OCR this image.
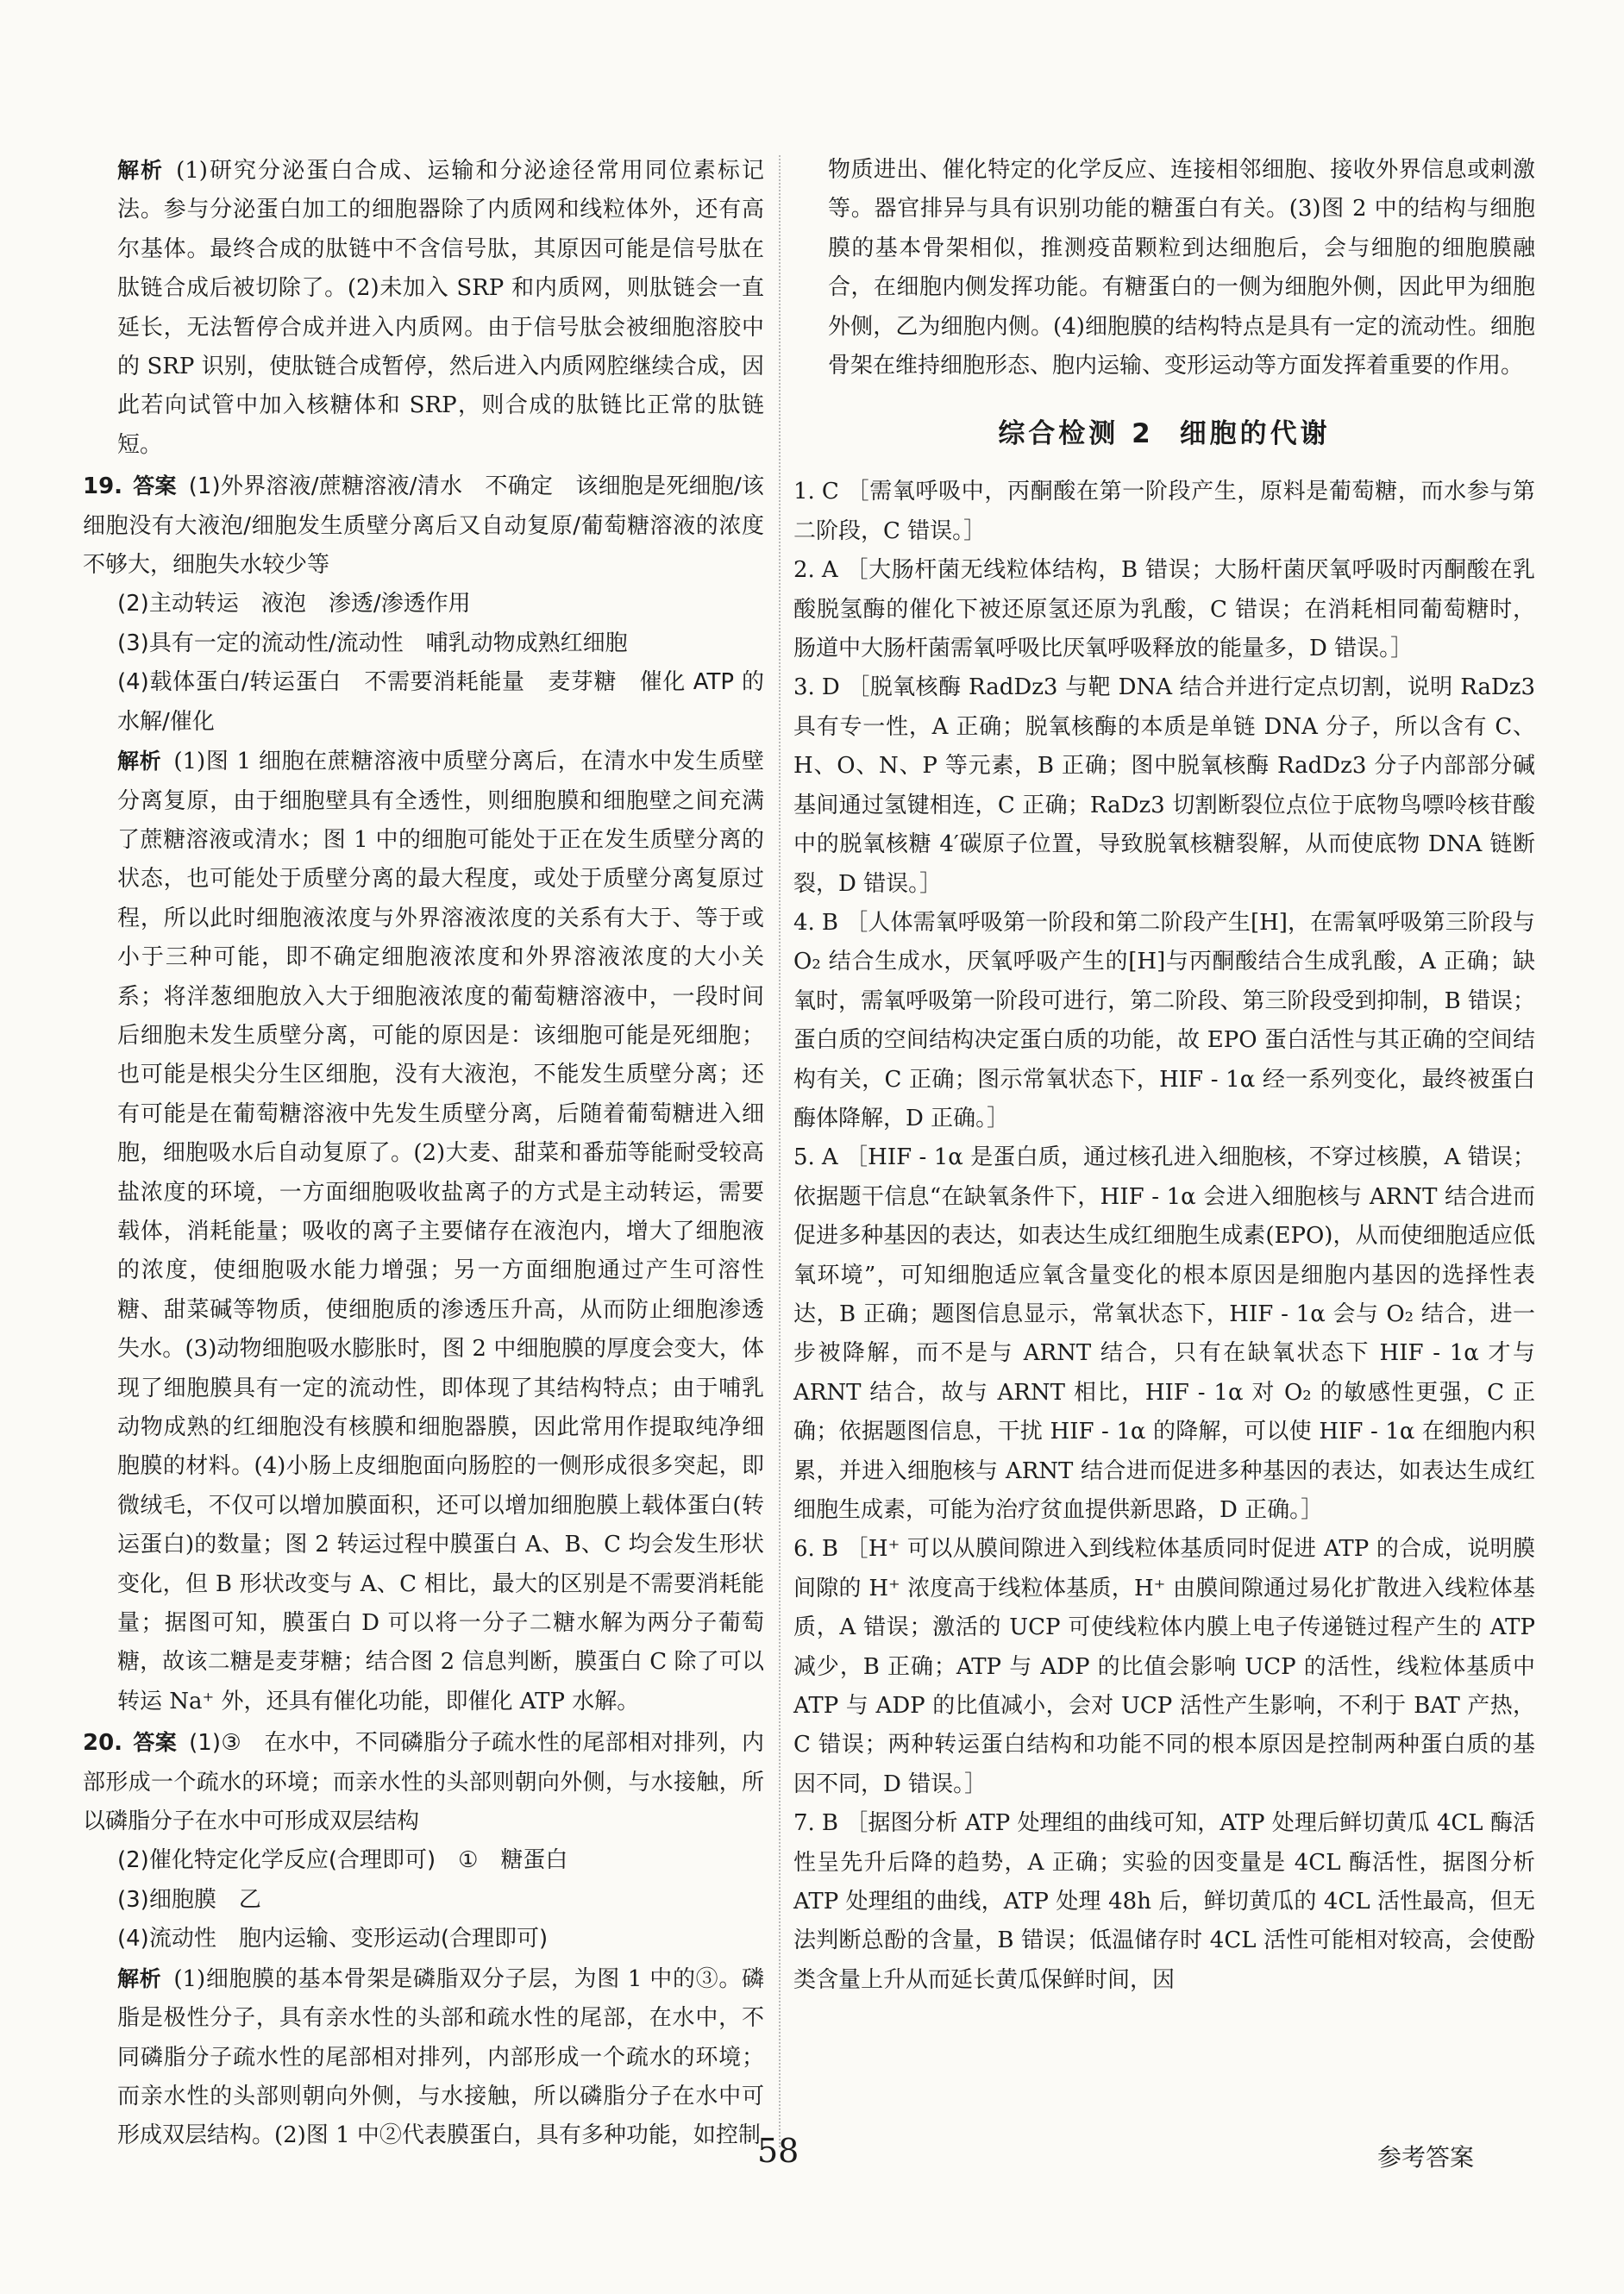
解析 (1)研究分泌蛋白合成、运输和分泌途径常用同位素标记法。参与分泌蛋白加工的细胞器除了内质网和线粒体外，还有高尔基体。最终合成的肽链中不含信号肽，其原因可能是信号肽在肽链合成后被切除了。(2)未加入 SRP 和内质网，则肽链会一直延长，无法暂停合成并进入内质网。由于信号肽会被细胞溶胶中的 SRP 识别，使肽链合成暂停，然后进入内质网腔继续合成，因此若向试管中加入核糖体和 SRP，则合成的肽链比正常的肽链短。

19. 答案 (1)外界溶液/蔗糖溶液/清水　不确定　该细胞是死细胞/该细胞没有大液泡/细胞发生质壁分离后又自动复原/葡萄糖溶液的浓度不够大，细胞失水较少等

(2)主动转运　液泡　渗透/渗透作用

(3)具有一定的流动性/流动性　哺乳动物成熟红细胞

(4)载体蛋白/转运蛋白　不需要消耗能量　麦芽糖　催化 ATP 的水解/催化

解析 (1)图 1 细胞在蔗糖溶液中质壁分离后，在清水中发生质壁分离复原，由于细胞壁具有全透性，则细胞膜和细胞壁之间充满了蔗糖溶液或清水；图 1 中的细胞可能处于正在发生质壁分离的状态，也可能处于质壁分离的最大程度，或处于质壁分离复原过程，所以此时细胞液浓度与外界溶液浓度的关系有大于、等于或小于三种可能，即不确定细胞液浓度和外界溶液浓度的大小关系；将洋葱细胞放入大于细胞液浓度的葡萄糖溶液中，一段时间后细胞未发生质壁分离，可能的原因是：该细胞可能是死细胞；也可能是根尖分生区细胞，没有大液泡，不能发生质壁分离；还有可能是在葡萄糖溶液中先发生质壁分离，后随着葡萄糖进入细胞，细胞吸水后自动复原了。(2)大麦、甜菜和番茄等能耐受较高盐浓度的环境，一方面细胞吸收盐离子的方式是主动转运，需要载体，消耗能量；吸收的离子主要储存在液泡内，增大了细胞液的浓度，使细胞吸水能力增强；另一方面细胞通过产生可溶性糖、甜菜碱等物质，使细胞质的渗透压升高，从而防止细胞渗透失水。(3)动物细胞吸水膨胀时，图 2 中细胞膜的厚度会变大，体现了细胞膜具有一定的流动性，即体现了其结构特点；由于哺乳动物成熟的红细胞没有核膜和细胞器膜，因此常用作提取纯净细胞膜的材料。(4)小肠上皮细胞面向肠腔的一侧形成很多突起，即微绒毛，不仅可以增加膜面积，还可以增加细胞膜上载体蛋白(转运蛋白)的数量；图 2 转运过程中膜蛋白 A、B、C 均会发生形状变化，但 B 形状改变与 A、C 相比，最大的区别是不需要消耗能量；据图可知，膜蛋白 D 可以将一分子二糖水解为两分子葡萄糖，故该二糖是麦芽糖；结合图 2 信息判断，膜蛋白 C 除了可以转运 Na⁺ 外，还具有催化功能，即催化 ATP 水解。

20. 答案 (1)③　在水中，不同磷脂分子疏水性的尾部相对排列，内部形成一个疏水的环境；而亲水性的头部则朝向外侧，与水接触，所以磷脂分子在水中可形成双层结构

(2)催化特定化学反应(合理即可)　①　糖蛋白

(3)细胞膜　乙

(4)流动性　胞内运输、变形运动(合理即可)

解析 (1)细胞膜的基本骨架是磷脂双分子层，为图 1 中的③。磷脂是极性分子，具有亲水性的头部和疏水性的尾部，在水中，不同磷脂分子疏水性的尾部相对排列，内部形成一个疏水的环境；而亲水性的头部则朝向外侧，与水接触，所以磷脂分子在水中可形成双层结构。(2)图 1 中②代表膜蛋白，具有多种功能，如控制

物质进出、催化特定的化学反应、连接相邻细胞、接收外界信息或刺激等。器官排异与具有识别功能的糖蛋白有关。(3)图 2 中的结构与细胞膜的基本骨架相似，推测疫苗颗粒到达细胞后，会与细胞的细胞膜融合，在细胞内侧发挥功能。有糖蛋白的一侧为细胞外侧，因此甲为细胞外侧，乙为细胞内侧。(4)细胞膜的结构特点是具有一定的流动性。细胞骨架在维持细胞形态、胞内运输、变形运动等方面发挥着重要的作用。

综合检测 2 细胞的代谢

1. C ［需氧呼吸中，丙酮酸在第一阶段产生，原料是葡萄糖，而水参与第二阶段，C 错误。］

2. A ［大肠杆菌无线粒体结构，B 错误；大肠杆菌厌氧呼吸时丙酮酸在乳酸脱氢酶的催化下被还原氢还原为乳酸，C 错误；在消耗相同葡萄糖时，肠道中大肠杆菌需氧呼吸比厌氧呼吸释放的能量多，D 错误。］

3. D ［脱氧核酶 RadDz3 与靶 DNA 结合并进行定点切割，说明 RaDz3 具有专一性，A 正确；脱氧核酶的本质是单链 DNA 分子，所以含有 C、H、O、N、P 等元素，B 正确；图中脱氧核酶 RadDz3 分子内部部分碱基间通过氢键相连，C 正确；RaDz3 切割断裂位点位于底物鸟嘌呤核苷酸中的脱氧核糖 4′碳原子位置，导致脱氧核糖裂解，从而使底物 DNA 链断裂，D 错误。］

4. B ［人体需氧呼吸第一阶段和第二阶段产生[H]，在需氧呼吸第三阶段与 O₂ 结合生成水，厌氧呼吸产生的[H]与丙酮酸结合生成乳酸，A 正确；缺氧时，需氧呼吸第一阶段可进行，第二阶段、第三阶段受到抑制，B 错误；蛋白质的空间结构决定蛋白质的功能，故 EPO 蛋白活性与其正确的空间结构有关，C 正确；图示常氧状态下，HIF - 1α 经一系列变化，最终被蛋白酶体降解，D 正确。］

5. A ［HIF - 1α 是蛋白质，通过核孔进入细胞核，不穿过核膜，A 错误；依据题干信息“在缺氧条件下，HIF - 1α 会进入细胞核与 ARNT 结合进而促进多种基因的表达，如表达生成红细胞生成素(EPO)，从而使细胞适应低氧环境”，可知细胞适应氧含量变化的根本原因是细胞内基因的选择性表达，B 正确；题图信息显示，常氧状态下，HIF - 1α 会与 O₂ 结合，进一步被降解，而不是与 ARNT 结合，只有在缺氧状态下 HIF - 1α 才与 ARNT 结合，故与 ARNT 相比，HIF - 1α 对 O₂ 的敏感性更强，C 正确；依据题图信息，干扰 HIF - 1α 的降解，可以使 HIF - 1α 在细胞内积累，并进入细胞核与 ARNT 结合进而促进多种基因的表达，如表达生成红细胞生成素，可能为治疗贫血提供新思路，D 正确。］

6. B ［H⁺ 可以从膜间隙进入到线粒体基质同时促进 ATP 的合成，说明膜间隙的 H⁺ 浓度高于线粒体基质，H⁺ 由膜间隙通过易化扩散进入线粒体基质，A 错误；激活的 UCP 可使线粒体内膜上电子传递链过程产生的 ATP 减少，B 正确；ATP 与 ADP 的比值会影响 UCP 的活性，线粒体基质中 ATP 与 ADP 的比值减小，会对 UCP 活性产生影响，不利于 BAT 产热，C 错误；两种转运蛋白结构和功能不同的根本原因是控制两种蛋白质的基因不同，D 错误。］

7. B ［据图分析 ATP 处理组的曲线可知，ATP 处理后鲜切黄瓜 4CL 酶活性呈先升后降的趋势，A 正确；实验的因变量是 4CL 酶活性，据图分析 ATP 处理组的曲线，ATP 处理 48h 后，鲜切黄瓜的 4CL 活性最高，但无法判断总酚的含量，B 错误；低温储存时 4CL 活性可能相对较高，会使酚类含量上升从而延长黄瓜保鲜时间，因

58	参考答案
